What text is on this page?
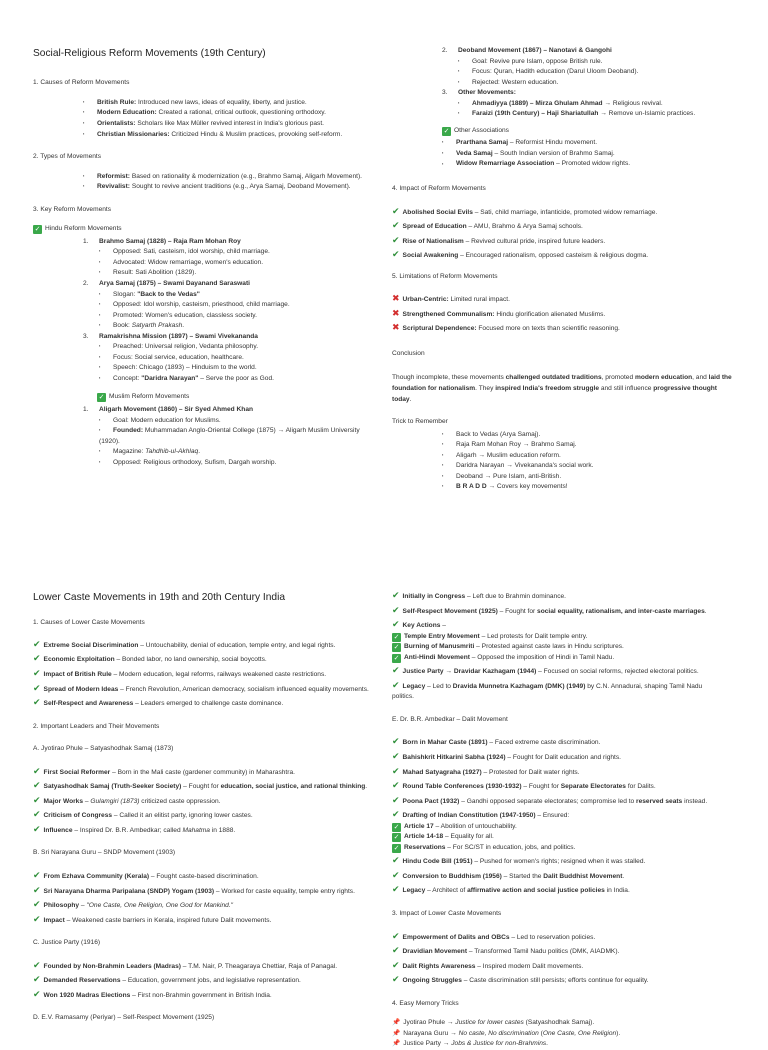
Social-Religious Reform Movements (19th Century)
1. Causes of Reform Movements
▪ British Rule: Introduced new laws, ideas of equality, liberty, and justice.
▪ Modern Education: Created a rational, critical outlook, questioning orthodoxy.
▪ Orientalists: Scholars like Max Müller revived interest in India's glorious past.
▪ Christian Missionaries: Criticized Hindu & Muslim practices, provoking self-reform.
2. Types of Movements
▪ Reformist: Based on rationality & modernization (e.g., Brahmo Samaj, Aligarh Movement).
▪ Revivalist: Sought to revive ancient traditions (e.g., Arya Samaj, Deoband Movement).
3. Key Reform Movements
✓ Hindu Reform Movements
1. Brahmo Samaj (1828) – Raja Ram Mohan Roy
▪ Opposed: Sati, casteism, idol worship, child marriage.
▪ Advocated: Widow remarriage, women's education.
▪ Result: Sati Abolition (1829).
2. Arya Samaj (1875) – Swami Dayanand Saraswati
▪ Slogan: "Back to the Vedas"
▪ Opposed: Idol worship, casteism, priesthood, child marriage.
▪ Promoted: Women's education, classless society.
▪ Book: Satyarth Prakash.
3. Ramakrishna Mission (1897) – Swami Vivekananda
▪ Preached: Universal religion, Vedanta philosophy.
▪ Focus: Social service, education, healthcare.
▪ Speech: Chicago (1893) – Hinduism to the world.
▪ Concept: "Daridra Narayan" – Serve the poor as God.
✓ Muslim Reform Movements
1. Aligarh Movement (1860) – Sir Syed Ahmed Khan
▪ Goal: Modern education for Muslims.
▪ Founded: Muhammadan Anglo-Oriental College (1875) → Aligarh Muslim University (1920).
▪ Magazine: Tahdhib-ul-Akhlaq.
▪ Opposed: Religious orthodoxy, Sufism, Dargah worship.
2. Deoband Movement (1867) – Nanotavi & Gangohi
▪ Goal: Revive pure Islam, oppose British rule.
▪ Focus: Quran, Hadith education (Darul Uloom Deoband).
▪ Rejected: Western education.
3. Other Movements:
▪ Ahmadiyya (1889) – Mirza Ghulam Ahmad → Religious revival.
▪ Faraizi (19th Century) – Haji Shariatullah → Remove un-Islamic practices.
✓ Other Associations
▪ Prarthana Samaj – Reformist Hindu movement.
▪ Veda Samaj – South Indian version of Brahmo Samaj.
▪ Widow Remarriage Association – Promoted widow rights.
4. Impact of Reform Movements
✔ Abolished Social Evils – Sati, child marriage, infanticide, promoted widow remarriage.
✔ Spread of Education – AMU, Brahmo & Arya Samaj schools.
✔ Rise of Nationalism – Revived cultural pride, inspired future leaders.
✔ Social Awakening – Encouraged rationalism, opposed casteism & religious dogma.
5. Limitations of Reform Movements
✖ Urban-Centric: Limited rural impact.
✖ Strengthened Communalism: Hindu glorification alienated Muslims.
✖ Scriptural Dependence: Focused more on texts than scientific reasoning.
Conclusion
Though incomplete, these movements challenged outdated traditions, promoted modern education, and laid the foundation for nationalism. They inspired India's freedom struggle and still influence progressive thought today.
Trick to Remember
▪ Back to Vedas (Arya Samaj).
▪ Raja Ram Mohan Roy → Brahmo Samaj.
▪ Aligarh → Muslim education reform.
▪ Daridra Narayan → Vivekananda's social work.
▪ Deoband → Pure Islam, anti-British.
▪ B R A D D → Covers key movements!
Lower Caste Movements in 19th and 20th Century India
1. Causes of Lower Caste Movements
✔ Extreme Social Discrimination – Untouchability, denial of education, temple entry, and legal rights.
✔ Economic Exploitation – Bonded labor, no land ownership, social boycotts.
✔ Impact of British Rule – Modern education, legal reforms, railways weakened caste restrictions.
✔ Spread of Modern Ideas – French Revolution, American democracy, socialism influenced equality movements.
✔ Self-Respect and Awareness – Leaders emerged to challenge caste dominance.
2. Important Leaders and Their Movements
A. Jyotirao Phule – Satyashodhak Samaj (1873)
✔ First Social Reformer – Born in the Mali caste (gardener community) in Maharashtra.
✔ Satyashodhak Samaj (Truth-Seeker Society) – Fought for education, social justice, and rational thinking.
✔ Major Works – Gulamgiri (1873) criticized caste oppression.
✔ Criticism of Congress – Called it an elitist party, ignoring lower castes.
✔ Influence – Inspired Dr. B.R. Ambedkar; called Mahatma in 1888.
B. Sri Narayana Guru – SNDP Movement (1903)
✔ From Ezhava Community (Kerala) – Fought caste-based discrimination.
✔ Sri Narayana Dharma Paripalana (SNDP) Yogam (1903) – Worked for caste equality, temple entry rights.
✔ Philosophy – "One Caste, One Religion, One God for Mankind."
✔ Impact – Weakened caste barriers in Kerala, inspired future Dalit movements.
C. Justice Party (1916)
✔ Founded by Non-Brahmin Leaders (Madras) – T.M. Nair, P. Theagaraya Chettiar, Raja of Panagal.
✔ Demanded Reservations – Education, government jobs, and legislative representation.
✔ Won 1920 Madras Elections – First non-Brahmin government in British India.
D. E.V. Ramasamy (Periyar) – Self-Respect Movement (1925)
✔ Initially in Congress – Left due to Brahmin dominance.
✔ Self-Respect Movement (1925) – Fought for social equality, rationalism, and inter-caste marriages.
✔ Key Actions –
✓ Temple Entry Movement – Led protests for Dalit temple entry.
✓ Burning of Manusmriti – Protested against caste laws in Hindu scriptures.
✓ Anti-Hindi Movement – Opposed the imposition of Hindi in Tamil Nadu.
✔ Justice Party → Dravidar Kazhagam (1944) – Focused on social reforms, rejected electoral politics.
✔ Legacy – Led to Dravida Munnetra Kazhagam (DMK) (1949) by C.N. Annadurai, shaping Tamil Nadu politics.
E. Dr. B.R. Ambedkar – Dalit Movement
✔ Born in Mahar Caste (1891) – Faced extreme caste discrimination.
✔ Bahishkrit Hitkarini Sabha (1924) – Fought for Dalit education and rights.
✔ Mahad Satyagraha (1927) – Protested for Dalit water rights.
✔ Round Table Conferences (1930-1932) – Fought for Separate Electorates for Dalits.
✔ Poona Pact (1932) – Gandhi opposed separate electorates; compromise led to reserved seats instead.
✔ Drafting of Indian Constitution (1947-1950) – Ensured:
✓ Article 17 – Abolition of untouchability.
✓ Article 14-18 – Equality for all.
✓ Reservations – For SC/ST in education, jobs, and politics.
✔ Hindu Code Bill (1951) – Pushed for women's rights; resigned when it was stalled.
✔ Conversion to Buddhism (1956) – Started the Dalit Buddhist Movement.
✔ Legacy – Architect of affirmative action and social justice policies in India.
3. Impact of Lower Caste Movements
✔ Empowerment of Dalits and OBCs – Led to reservation policies.
✔ Dravidian Movement – Transformed Tamil Nadu politics (DMK, AIADMK).
✔ Dalit Rights Awareness – Inspired modern Dalit movements.
✔ Ongoing Struggles – Caste discrimination still persists; efforts continue for equality.
4. Easy Memory Tricks
📌 Jyotirao Phule → Justice for lower castes (Satyashodhak Samaj).
📌 Narayana Guru → No caste, No discrimination (One Caste, One Religion).
📌 Justice Party → Jobs & Justice for non-Brahmins.
